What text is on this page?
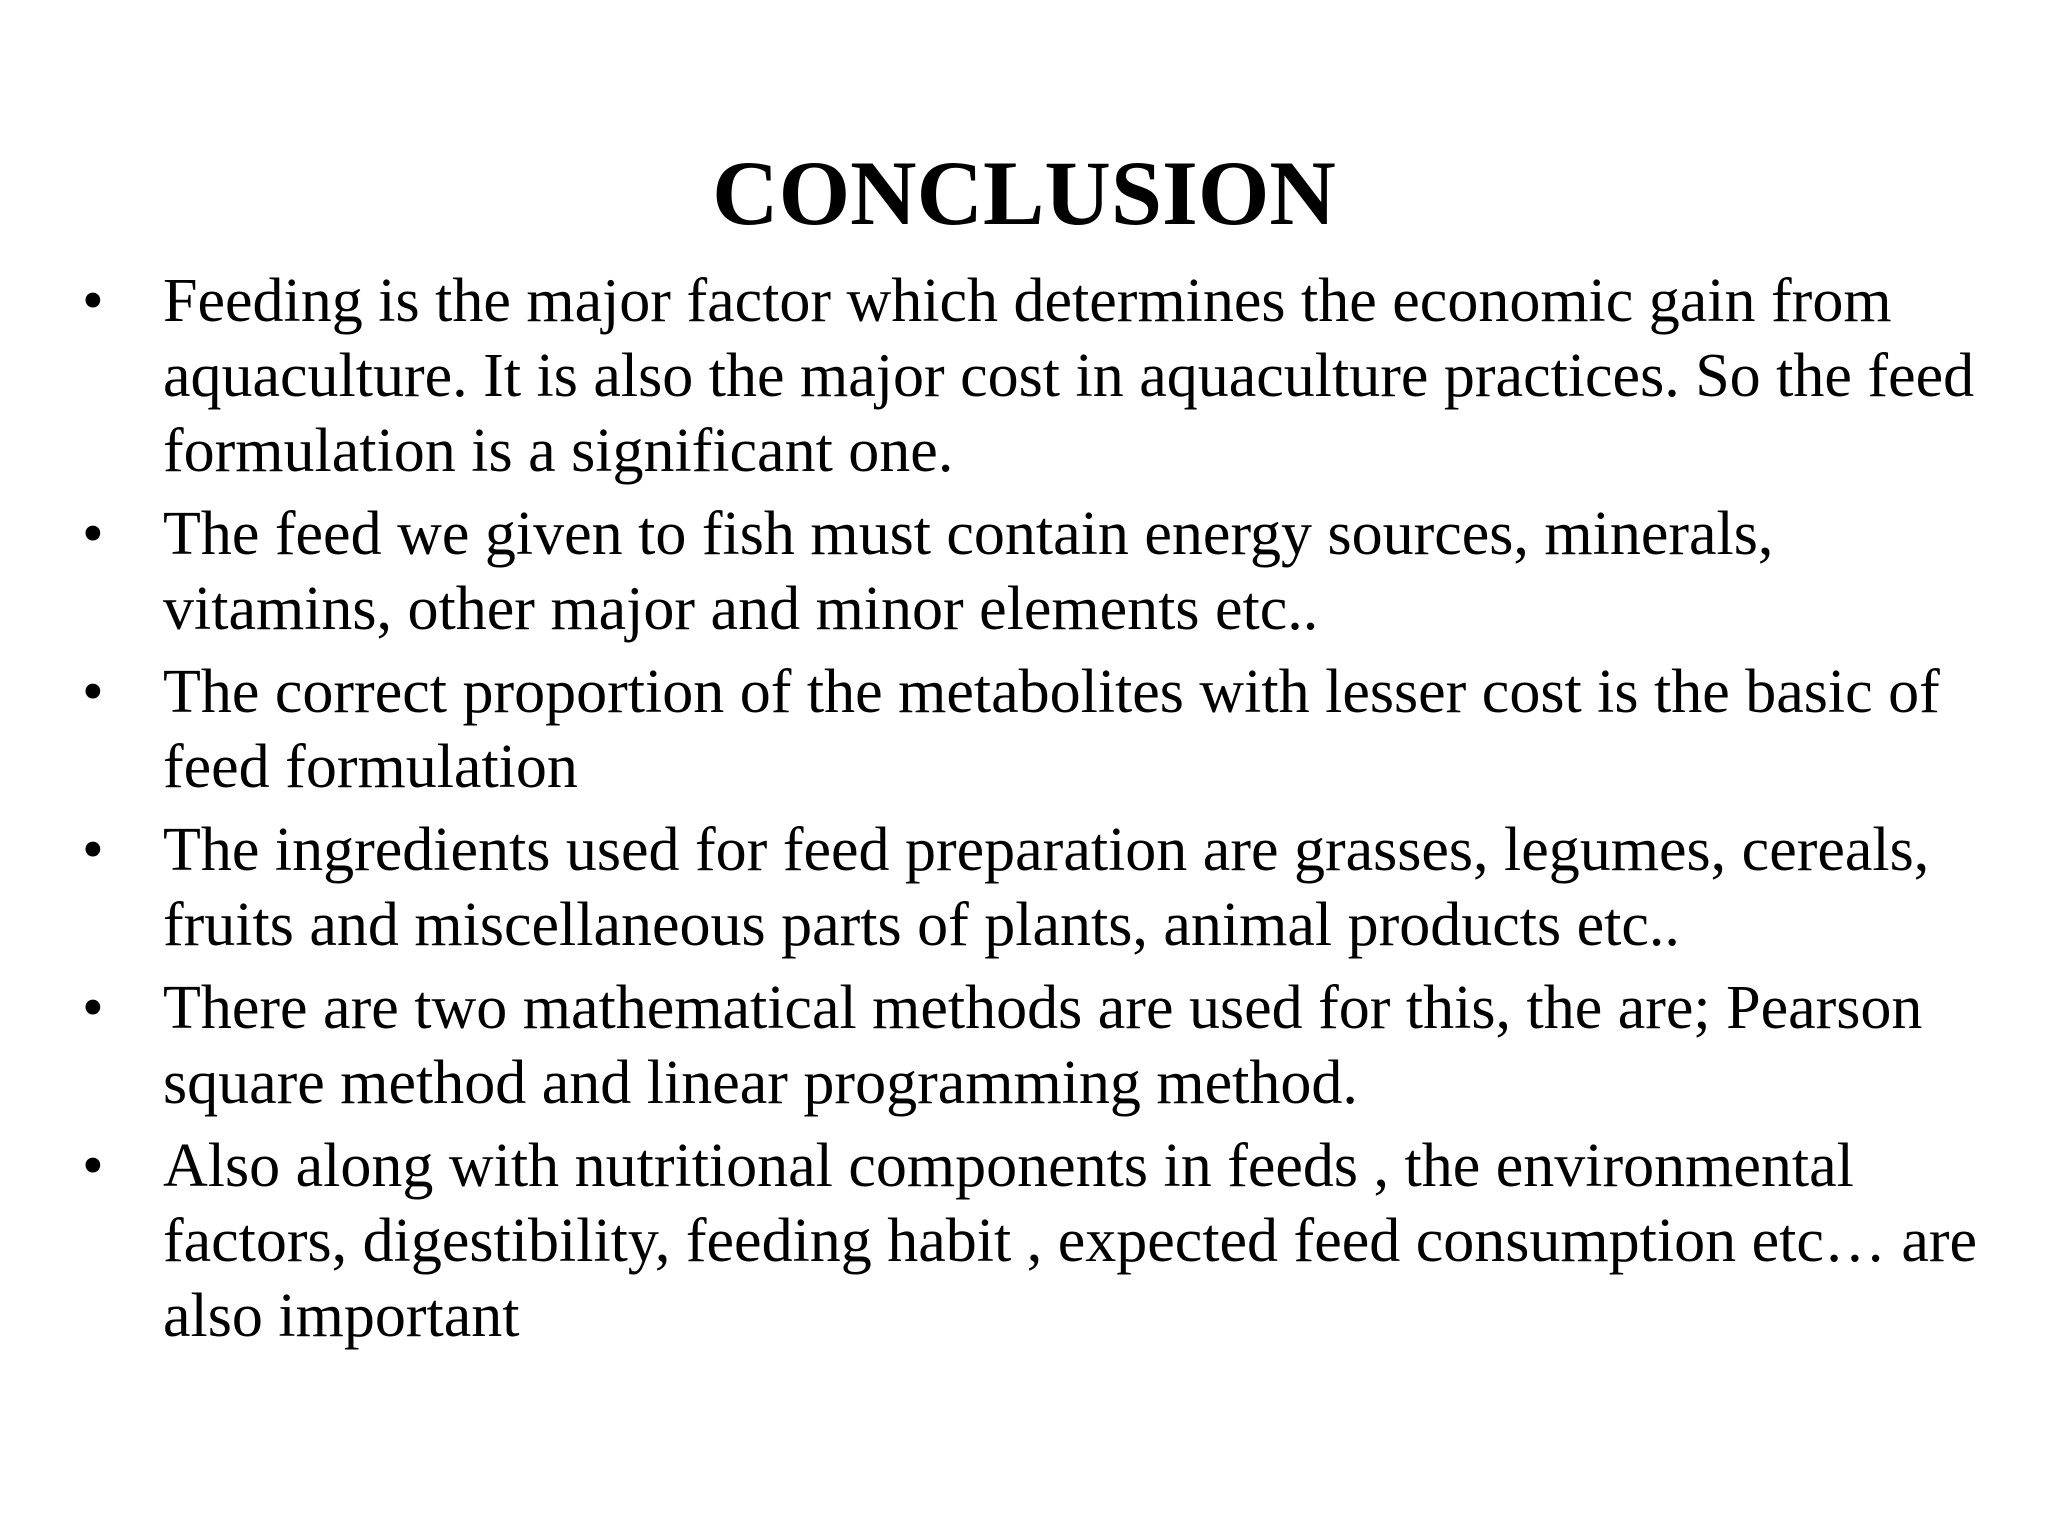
CONCLUSION
• Feeding is the major factor which determines the economic gain from aquaculture. It is also the major cost in aquaculture practices. So the feed formulation is a significant one.
• The feed we given to fish must contain energy sources, minerals, vitamins, other major and minor elements etc..
• The correct proportion of the metabolites with lesser cost is the basic of feed formulation
• The ingredients used for feed preparation are grasses, legumes, cereals, fruits and miscellaneous parts of plants, animal products etc..
• There are two mathematical methods are used for this, the are; Pearson square method and linear programming method.
• Also along with nutritional components in feeds , the environmental factors, digestibility, feeding habit , expected feed consumption etc… are also important
